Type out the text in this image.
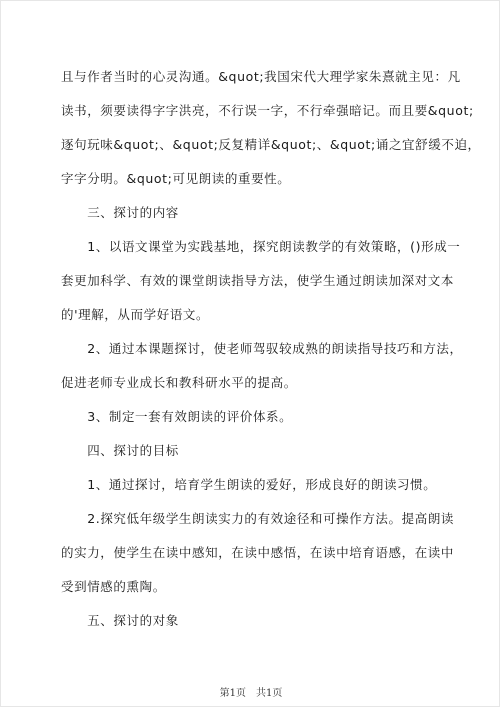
且与作者当时的心灵沟通。&quot;我国宋代大理学家朱熹就主见：凡
读书，须要读得字字洪亮，不行误一字，不行牵强暗记。而且要&quot;
逐句玩味&quot;、&quot;反复精详&quot;、&quot;诵之宜舒缓不迫，
字字分明。&quot;可见朗读的重要性。
　　三、探讨的内容
　　1、以语文课堂为实践基地，探究朗读教学的有效策略，()形成一
套更加科学、有效的课堂朗读指导方法，使学生通过朗读加深对文本
的'理解，从而学好语文。
　　2、通过本课题探讨，使老师驾驭较成熟的朗读指导技巧和方法，
促进老师专业成长和教科研水平的提高。
　　3、制定一套有效朗读的评价体系。
　　四、探讨的目标
　　1、通过探讨，培育学生朗读的爱好，形成良好的朗读习惯。
　　2.探究低年级学生朗读实力的有效途径和可操作方法。提高朗读
的实力，使学生在读中感知，在读中感悟，在读中培育语感，在读中
受到情感的熏陶。
　　五、探讨的对象
第1页　共1页
